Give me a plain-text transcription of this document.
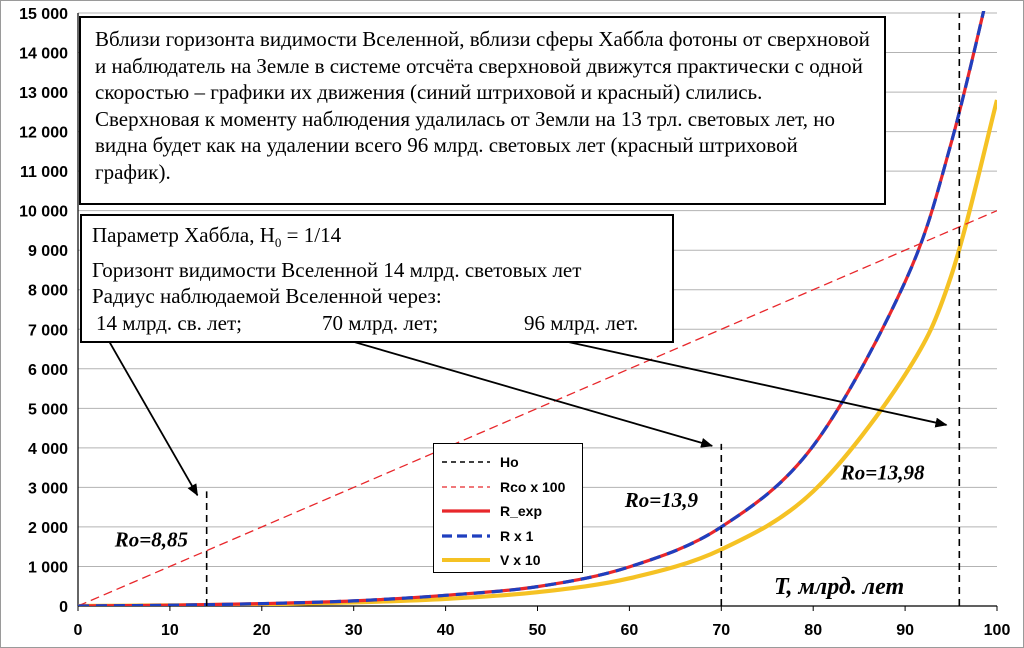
0
1 000
2 000
3 000
4 000
5 000
6 000
7 000
8 000
9 000
10 000
11 000
12 000
13 000
14 000
15 000
0	10	20	30	40	50	60	70	80	90	100
Ro=8,85
Ro=13,9
Ro=13,98
Вблизи горизонта видимости Вселенной, вблизи сферы Хаббла фотоны от сверхновой и наблюдатель на Земле в системе отсчёта сверхновой движутся практически с одной скоростью – графики их движения (синий штриховой и красный) слились. Сверхновая к моменту наблюдения удалилась от Земли на 13 трл. световых лет, но видна будет как на удалении всего 96 млрд. световых лет (красный штриховой график).
Параметр Хаббла, $H_0 = 1/14$
Горизонт видимости Вселенной 14 млрд. световых лет
Радиус наблюдаемой Вселенной через:
14 млрд. св. лет;	70 млрд. лет;	96 млрд. лет.
Ho
Rco x 100
R_exp
R x 1
V x 10
T, млрд. лет
